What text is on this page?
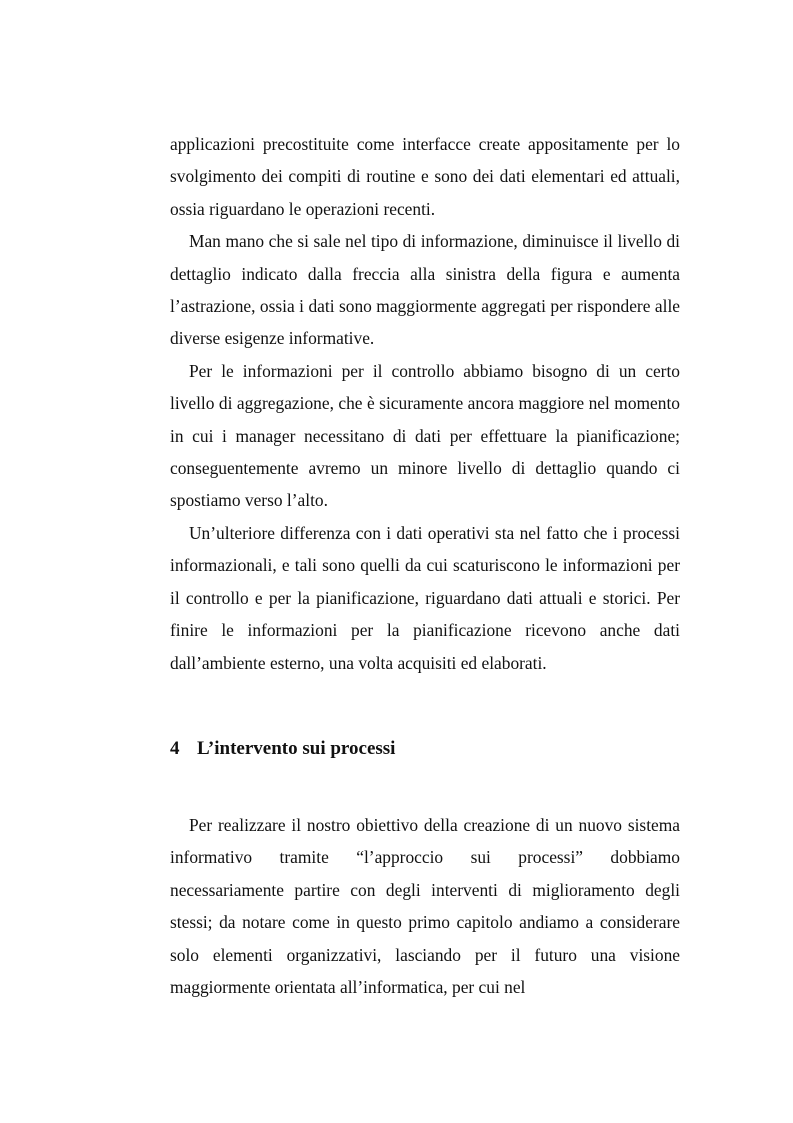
applicazioni precostituite come interfacce create appositamente per lo svolgimento dei compiti di routine e sono dei dati elementari ed attuali, ossia riguardano le operazioni recenti.

Man mano che si sale nel tipo di informazione, diminuisce il livello di dettaglio indicato dalla freccia alla sinistra della figura e aumenta l’astrazione, ossia i dati sono maggiormente aggregati per rispondere alle diverse esigenze informative.

Per le informazioni per il controllo abbiamo bisogno di un certo livello di aggregazione, che è sicuramente ancora maggiore nel momento in cui i manager necessitano di dati per effettuare la pianificazione; conseguentemente avremo un minore livello di dettaglio quando ci spostiamo verso l’alto.

Un’ulteriore differenza con i dati operativi sta nel fatto che i processi informazionali, e tali sono quelli da cui scaturiscono le informazioni per il controllo e per la pianificazione, riguardano dati attuali e storici. Per finire le informazioni per la pianificazione ricevono anche dati dall’ambiente esterno, una volta acquisiti ed elaborati.

4 L’intervento sui processi

Per realizzare il nostro obiettivo della creazione di un nuovo sistema informativo tramite “l’approccio sui processi” dobbiamo necessariamente partire con degli interventi di miglioramento degli stessi; da notare come in questo primo capitolo andiamo a considerare solo elementi organizzativi, lasciando per il futuro una visione maggiormente orientata all’informatica, per cui nel
